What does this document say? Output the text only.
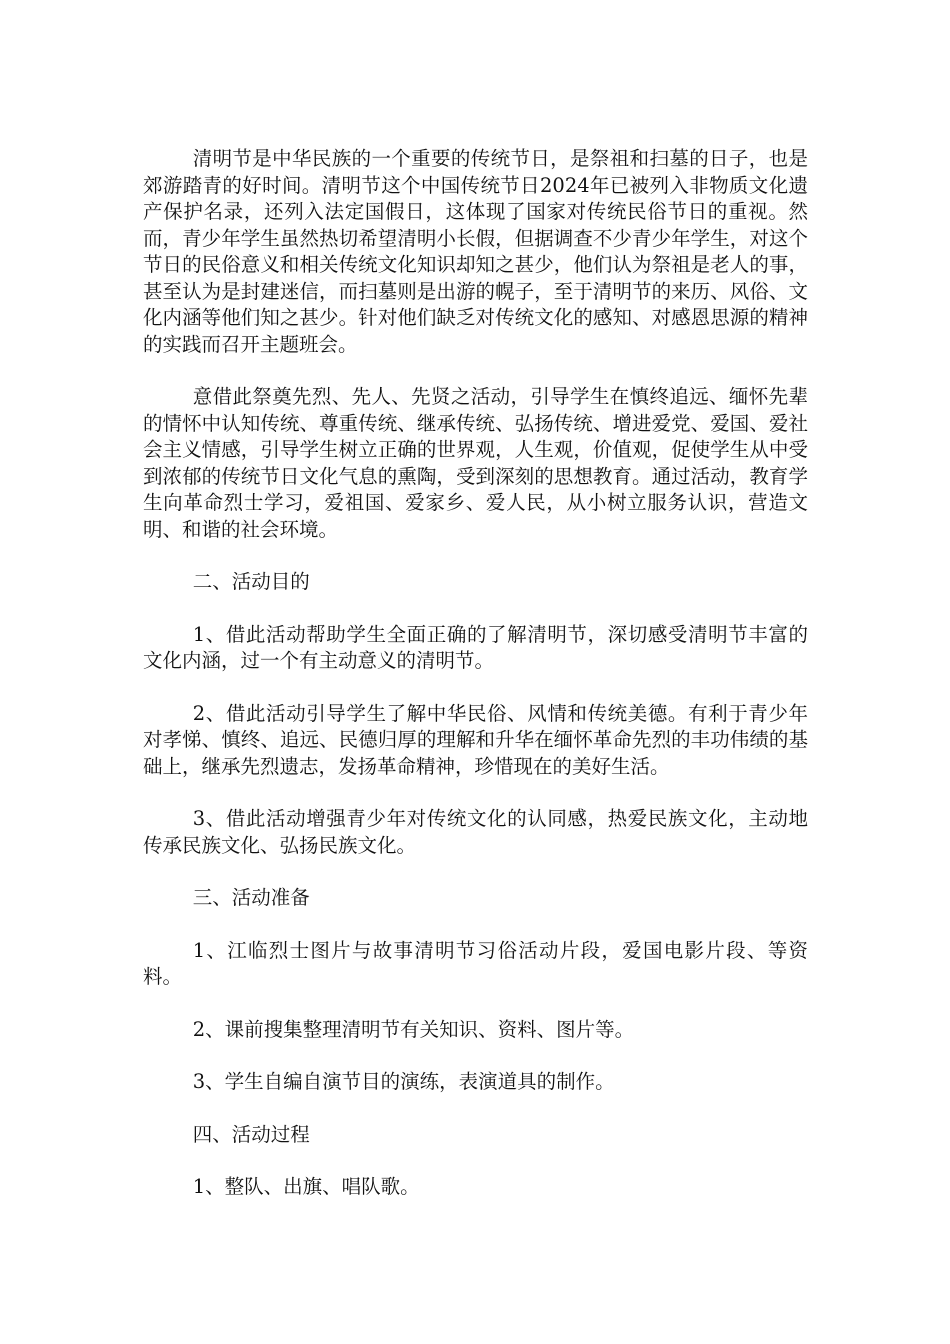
清明节是中华民族的一个重要的传统节日，是祭祖和扫墓的日子，也是郊游踏青的好时间。清明节这个中国传统节日2024年已被列入非物质文化遗产保护名录，还列入法定国假日，这体现了国家对传统民俗节日的重视。然而，青少年学生虽然热切希望清明小长假，但据调查不少青少年学生，对这个节日的民俗意义和相关传统文化知识却知之甚少，他们认为祭祖是老人的事，甚至认为是封建迷信，而扫墓则是出游的幌子，至于清明节的来历、风俗、文化内涵等他们知之甚少。针对他们缺乏对传统文化的感知、对感恩思源的精神的实践而召开主题班会。

意借此祭奠先烈、先人、先贤之活动，引导学生在慎终追远、缅怀先辈的情怀中认知传统、尊重传统、继承传统、弘扬传统、增进爱党、爱国、爱社会主义情感，引导学生树立正确的世界观，人生观，价值观，促使学生从中受到浓郁的传统节日文化气息的熏陶，受到深刻的思想教育。通过活动，教育学生向革命烈士学习，爱祖国、爱家乡、爱人民，从小树立服务认识，营造文明、和谐的社会环境。

二、活动目的

1、借此活动帮助学生全面正确的了解清明节，深切感受清明节丰富的文化内涵，过一个有主动意义的清明节。

2、借此活动引导学生了解中华民俗、风情和传统美德。有利于青少年对孝悌、慎终、追远、民德归厚的理解和升华在缅怀革命先烈的丰功伟绩的基础上，继承先烈遗志，发扬革命精神，珍惜现在的美好生活。

3、借此活动增强青少年对传统文化的认同感，热爱民族文化，主动地传承民族文化、弘扬民族文化。

三、活动准备

1、江临烈士图片与故事清明节习俗活动片段，爱国电影片段、等资料。

2、课前搜集整理清明节有关知识、资料、图片等。

3、学生自编自演节目的演练，表演道具的制作。

四、活动过程

1、整队、出旗、唱队歌。
